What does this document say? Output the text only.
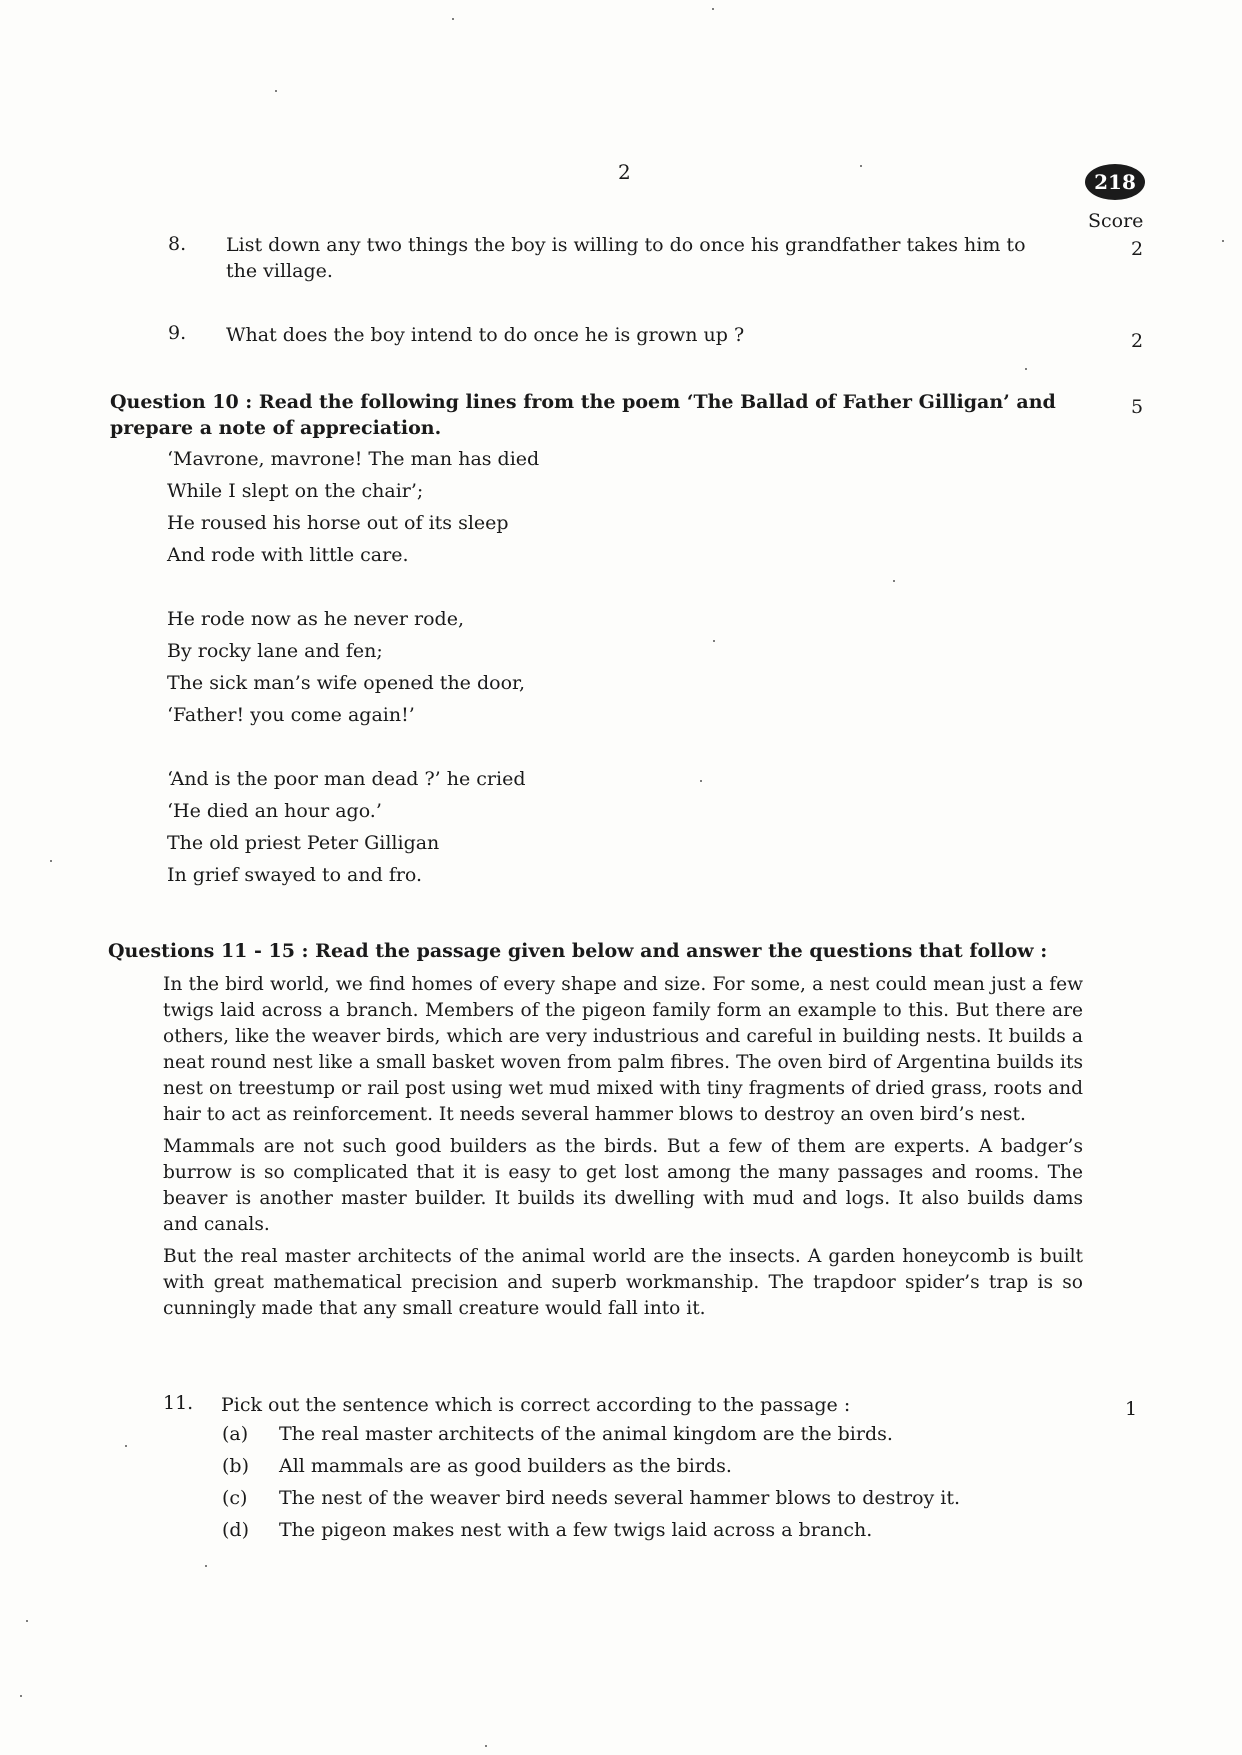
2	218
Score
8. List down any two things the boy is willing to do once his grandfather takes him to
the village.
2
9. What does the boy intend to do once he is grown up ?	2
Question 10 : Read the following lines from the poem ‘The Ballad of Father Gilligan’ and
prepare a note of appreciation.
5
‘Mavrone, mavrone! The man has died
While I slept on the chair’;
He roused his horse out of its sleep
And rode with little care.
He rode now as he never rode,
By rocky lane and fen;
The sick man’s wife opened the door,
‘Father! you come again!’
‘And is the poor man dead ?’ he cried
‘He died an hour ago.’
The old priest Peter Gilligan
In grief swayed to and fro.
Questions 11 - 15 : Read the passage given below and answer the questions that follow :

In the bird world, we find homes of every shape and size. For some, a nest could mean just a few twigs laid across a branch. Members of the pigeon family form an example to this. But there are others, like the weaver birds, which are very industrious and careful in building nests. It builds a neat round nest like a small basket woven from palm fibres. The oven bird of Argentina builds its nest on treestump or rail post using wet mud mixed with tiny fragments of dried grass, roots and hair to act as reinforcement. It needs several hammer blows to destroy an oven bird’s nest.

Mammals are not such good builders as the birds. But a few of them are experts. A badger’s burrow is so complicated that it is easy to get lost among the many passages and rooms. The beaver is another master builder. It builds its dwelling with mud and logs. It also builds dams and canals.

But the real master architects of the animal world are the insects. A garden honeycomb is built with great mathematical precision and superb workmanship. The trapdoor spider’s trap is so cunningly made that any small creature would fall into it.

11. Pick out the sentence which is correct according to the passage :	1
(a)	The real master architects of the animal kingdom are the birds.
(b)	All mammals are as good builders as the birds.
(c)	The nest of the weaver bird needs several hammer blows to destroy it.
(d)	The pigeon makes nest with a few twigs laid across a branch.
